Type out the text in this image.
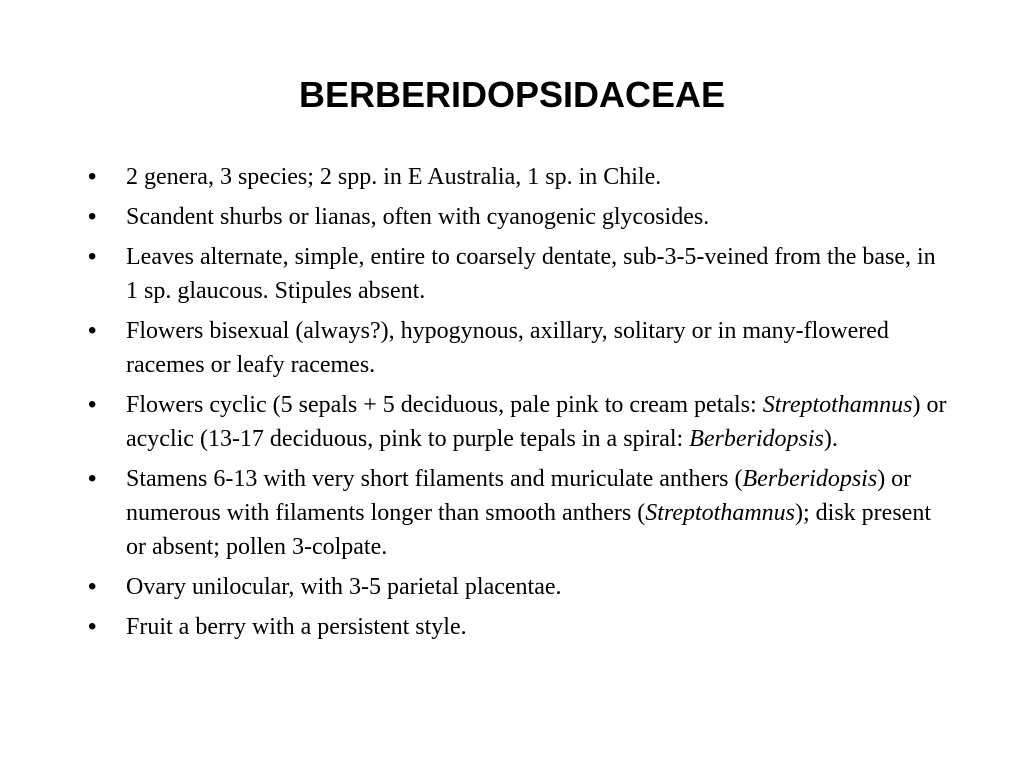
BERBERIDOPSIDACEAE
• 2 genera, 3 species; 2 spp. in E Australia, 1 sp. in Chile.
• Scandent shurbs or lianas, often with cyanogenic glycosides.
• Leaves alternate, simple, entire to coarsely dentate, sub-3-5-veined from the base, in 1 sp. glaucous. Stipules absent.
• Flowers bisexual (always?), hypogynous, axillary, solitary or in many-flowered racemes or leafy racemes.
• Flowers cyclic (5 sepals + 5 deciduous, pale pink to cream petals: Streptothamnus) or acyclic (13-17 deciduous, pink to purple tepals in a spiral: Berberidopsis).
• Stamens 6-13 with very short filaments and muriculate anthers (Berberidopsis) or numerous with filaments longer than smooth anthers (Streptothamnus); disk present or absent; pollen 3-colpate.
• Ovary unilocular, with 3-5 parietal placentae.
• Fruit a berry with a persistent style.
